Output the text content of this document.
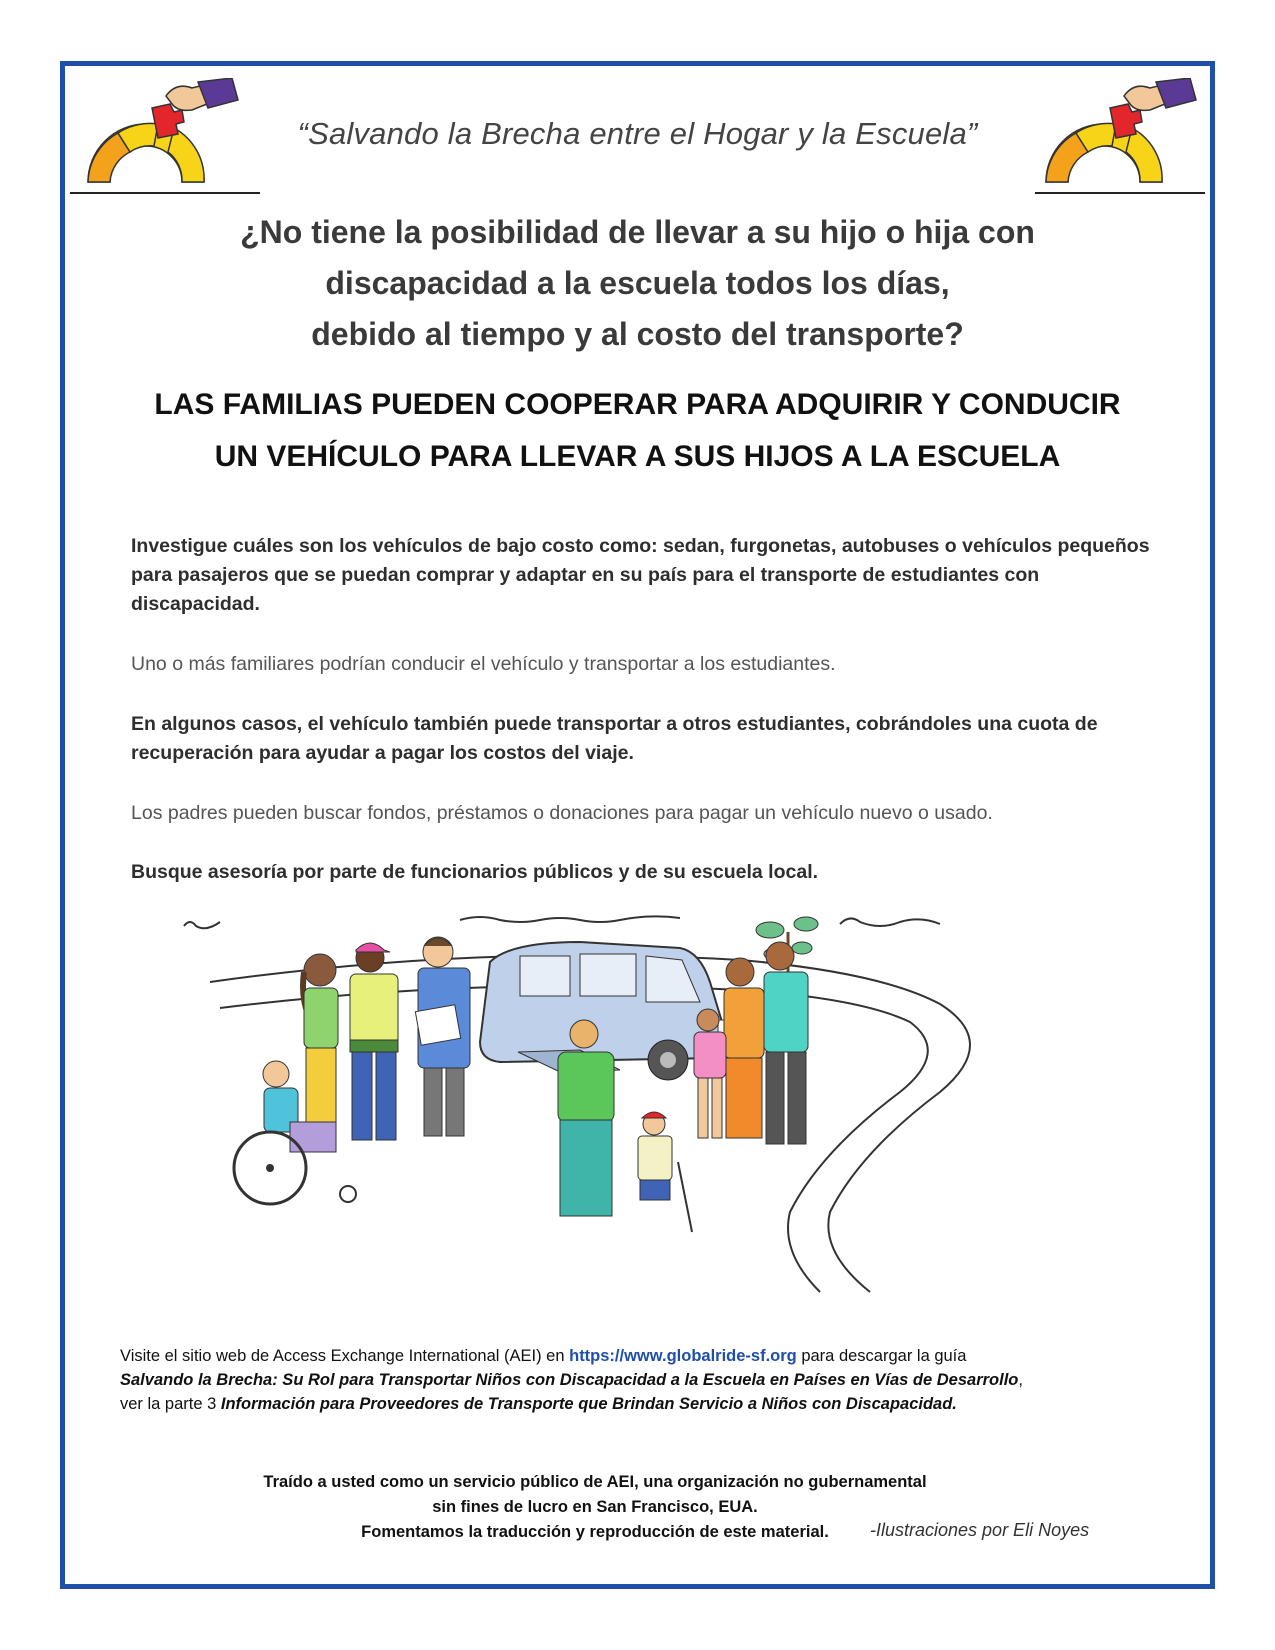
“Salvando la Brecha entre el Hogar y la Escuela”
¿No tiene la posibilidad de llevar a su hijo o hija con
discapacidad a la escuela todos los días,
debido al tiempo y al costo del transporte?
LAS FAMILIAS PUEDEN COOPERAR PARA ADQUIRIR Y CONDUCIR
UN VEHÍCULO PARA LLEVAR A SUS HIJOS A LA ESCUELA
Investigue cuáles son los vehículos de bajo costo como: sedan, furgonetas, autobuses o vehículos pequeños para pasajeros que se puedan comprar y adaptar en su país para el transporte de estudiantes con discapacidad.
Uno o más familiares podrían conducir el vehículo y transportar a los estudiantes.
En algunos casos, el vehículo también puede transportar a otros estudiantes, cobrándoles una cuota de recuperación para ayudar a pagar los costos del viaje.
Los padres pueden buscar fondos, préstamos o donaciones para pagar un vehículo nuevo o usado.
Busque asesoría por parte de funcionarios públicos y de su escuela local.
Visite el sitio web de Access Exchange International (AEI) en https://www.globalride-sf.org para descargar la guía
Salvando la Brecha: Su Rol para Transportar Niños con Discapacidad a la Escuela en Países en Vías de Desarrollo,
ver la parte 3 Información para Proveedores de Transporte que Brindan Servicio a Niños con Discapacidad.
Traído a usted como un servicio público de AEI, una organización no gubernamental
sin fines de lucro en San Francisco, EUA.
Fomentamos la traducción y reproducción de este material.	-Ilustraciones por Eli Noyes
